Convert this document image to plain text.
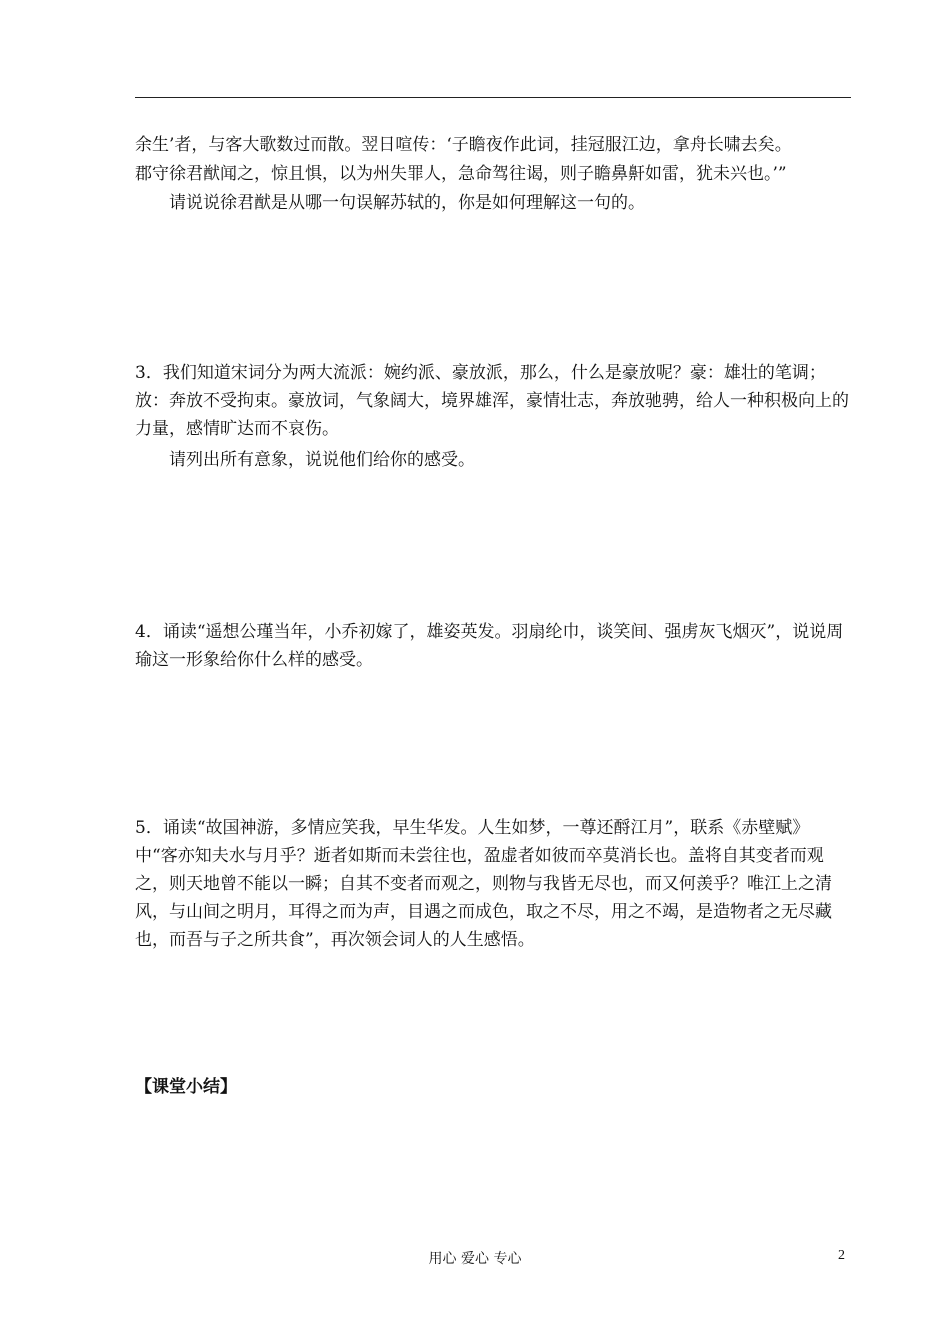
余生’者，与客大歌数过而散。翌日喧传：‘子瞻夜作此词，挂冠服江边，拿舟长啸去矣。

郡守徐君猷闻之，惊且惧，以为州失罪人，急命驾往谒，则子瞻鼻鼾如雷，犹未兴也。’”

请说说徐君猷是从哪一句误解苏轼的，你是如何理解这一句的。

3．我们知道宋词分为两大流派：婉约派、豪放派，那么，什么是豪放呢？豪：雄壮的笔调；放：奔放不受拘束。豪放词，气象阔大，境界雄浑，豪情壮志，奔放驰骋，给人一种积极向上的力量，感情旷达而不哀伤。

请列出所有意象，说说他们给你的感受。

4．诵读“遥想公瑾当年，小乔初嫁了，雄姿英发。羽扇纶巾，谈笑间、强虏灰飞烟灭”，说说周瑜这一形象给你什么样的感受。

5．诵读“故国神游，多情应笑我，早生华发。人生如梦，一尊还酹江月”，联系《赤壁赋》中“客亦知夫水与月乎？逝者如斯而未尝往也，盈虚者如彼而卒莫消长也。盖将自其变者而观之，则天地曾不能以一瞬；自其不变者而观之，则物与我皆无尽也，而又何羡乎？唯江上之清风，与山间之明月，耳得之而为声，目遇之而成色，取之不尽，用之不竭，是造物者之无尽藏也，而吾与子之所共食”，再次领会词人的人生感悟。

【课堂小结】
用心 爱心 专心	2
